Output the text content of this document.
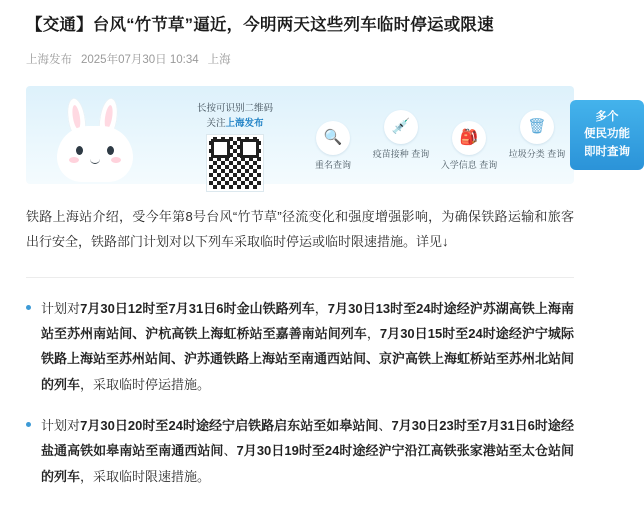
【交通】台风“竹节草”逼近，今明两天这些列车临时停运或限速
上海发布 2025年07月30日 10:34 上海
长按可识别二维码
关注上海发布
🔍
重名查询
💉
疫苗接种 查询
🎒
入学信息 查询
🗑
垃圾分类 查询
多个
便民功能
即时查询
铁路上海站介绍，受今年第8号台风“竹节草”径流变化和强度增强影响，为确保铁路运输和旅客出行安全，铁路部门计划对以下列车采取临时停运或临时限速措施。详见↓
计划对7月30日12时至7月31日6时金山铁路列车，7月30日13时至24时途经沪苏湖高铁上海南站至苏州南站间、沪杭高铁上海虹桥站至嘉善南站间列车，7月30日15时至24时途经沪宁城际铁路上海站至苏州站间、沪苏通铁路上海站至南通西站间、京沪高铁上海虹桥站至苏州北站间的列车，采取临时停运措施。
计划对7月30日20时至24时途经宁启铁路启东站至如皋站间、7月30日23时至7月31日6时途经盐通高铁如皋南站至南通西站间、7月30日19时至24时途经沪宁沿江高铁张家港站至太仓站间的列车，采取临时限速措施。
